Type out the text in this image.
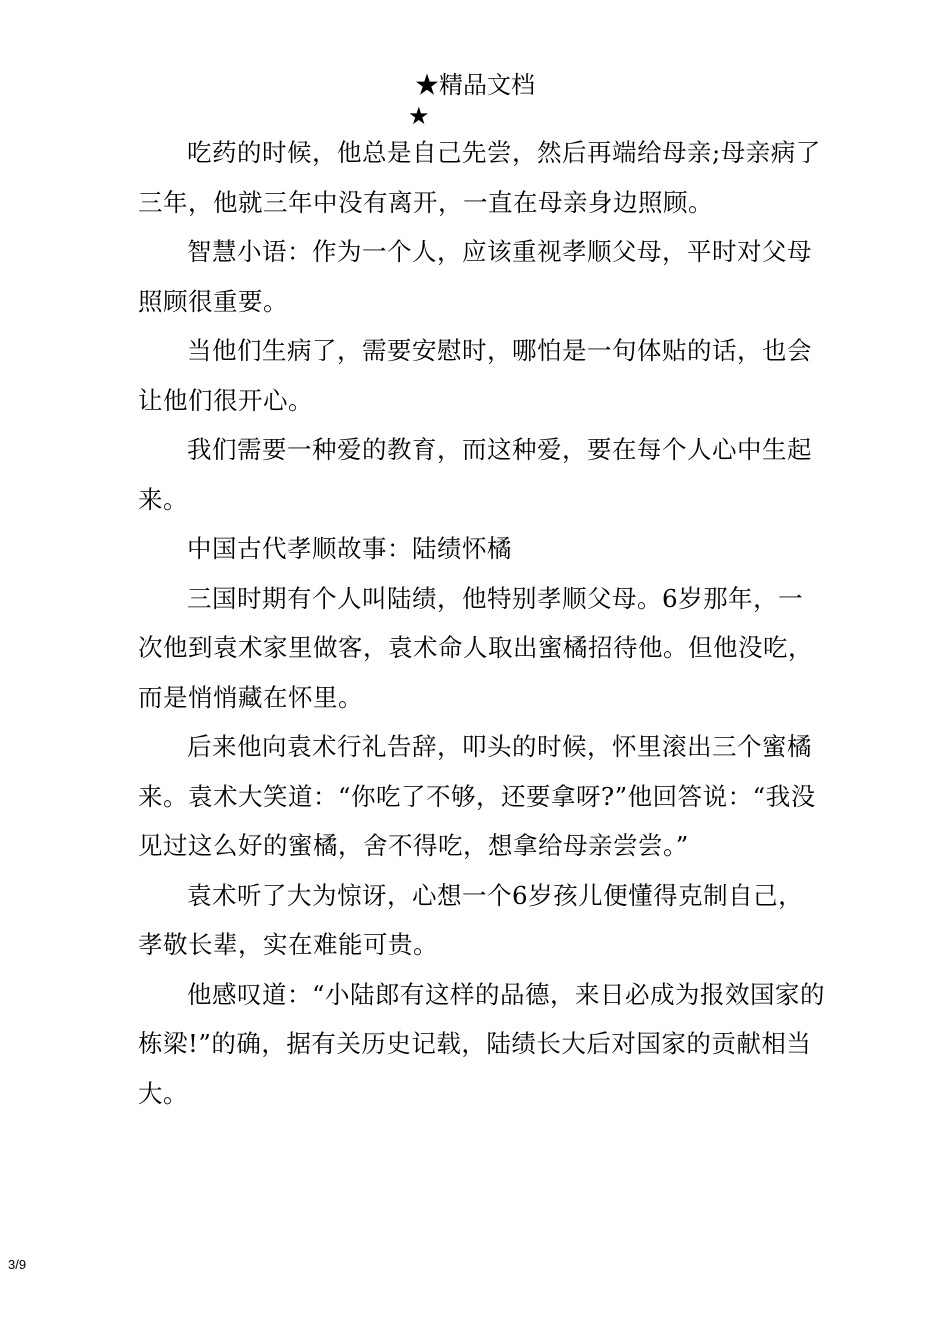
★精品文档
★

吃药的时候，他总是自己先尝，然后再端给母亲;母亲病了三年，他就三年中没有离开，一直在母亲身边照顾。

智慧小语：作为一个人，应该重视孝顺父母，平时对父母照顾很重要。

当他们生病了，需要安慰时，哪怕是一句体贴的话，也会让他们很开心。

我们需要一种爱的教育，而这种爱，要在每个人心中生起来。

中国古代孝顺故事：陆绩怀橘

三国时期有个人叫陆绩，他特别孝顺父母。6岁那年，一次他到袁术家里做客，袁术命人取出蜜橘招待他。但他没吃，而是悄悄藏在怀里。

后来他向袁术行礼告辞，叩头的时候，怀里滚出三个蜜橘来。袁术大笑道：“你吃了不够，还要拿呀?”他回答说：“我没见过这么好的蜜橘，舍不得吃，想拿给母亲尝尝。”

袁术听了大为惊讶，心想一个6岁孩儿便懂得克制自己，孝敬长辈，实在难能可贵。

他感叹道：“小陆郎有这样的品德，来日必成为报效国家的栋梁!”的确，据有关历史记载，陆绩长大后对国家的贡献相当大。

3/9
